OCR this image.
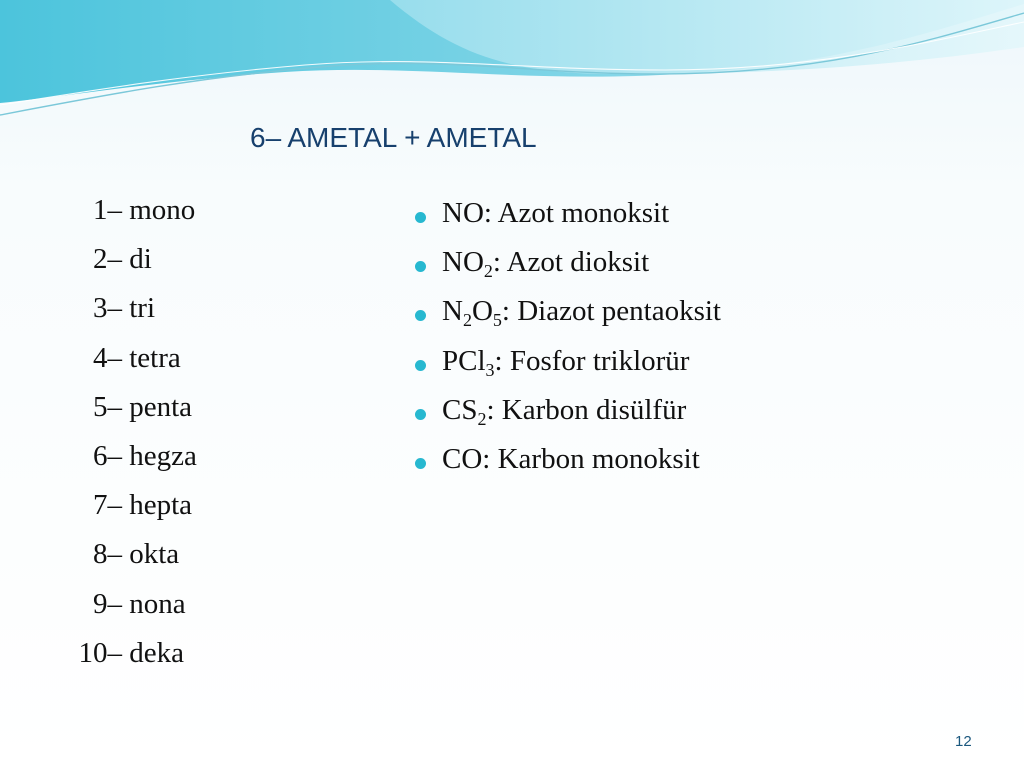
6– AMETAL + AMETAL
1– mono
2– di
3– tri
4– tetra
5– penta
6– hegza
7– hepta
8– okta
9– nona
10– deka
NO: Azot monoksit
$NO_2$: Azot dioksit
$N_2O_5$: Diazot pentaoksit
PCl$_3$: Fosfor triklorür
$CS_2$: Karbon disülfür
CO: Karbon monoksit
12
